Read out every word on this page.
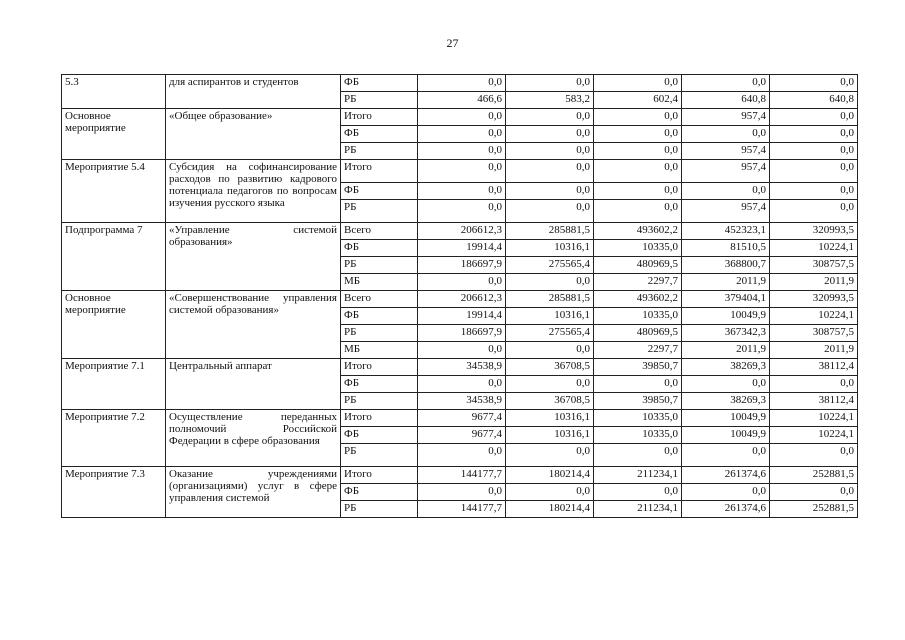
27
5.3	для аспирантов и студентов	ФБ	0,0	0,0	0,0	0,0	0,0
		РБ	466,6	583,2	602,4	640,8	640,8
Основное мероприятие	«Общее образование»	Итого	0,0	0,0	0,0	957,4	0,0
		ФБ	0,0	0,0	0,0	0,0	0,0
		РБ	0,0	0,0	0,0	957,4	0,0
Мероприятие 5.4	Субсидия на софинансирование расходов по развитию кадрового потенциала педагогов по вопросам изучения русского языка	Итого	0,0	0,0	0,0	957,4	0,0
		ФБ	0,0	0,0	0,0	0,0	0,0
		РБ	0,0	0,0	0,0	957,4	0,0
Подпрограмма 7	«Управление системой образования»	Всего	206612,3	285881,5	493602,2	452323,1	320993,5
		ФБ	19914,4	10316,1	10335,0	81510,5	10224,1
		РБ	186697,9	275565,4	480969,5	368800,7	308757,5
		МБ	0,0	0,0	2297,7	2011,9	2011,9
Основное мероприятие	«Совершенствование управления системой образования»	Всего	206612,3	285881,5	493602,2	379404,1	320993,5
		ФБ	19914,4	10316,1	10335,0	10049,9	10224,1
		РБ	186697,9	275565,4	480969,5	367342,3	308757,5
		МБ	0,0	0,0	2297,7	2011,9	2011,9
Мероприятие 7.1	Центральный аппарат	Итого	34538,9	36708,5	39850,7	38269,3	38112,4
		ФБ	0,0	0,0	0,0	0,0	0,0
		РБ	34538,9	36708,5	39850,7	38269,3	38112,4
Мероприятие 7.2	Осуществление переданных полномочий Российской Федерации в сфере образования	Итого	9677,4	10316,1	10335,0	10049,9	10224,1
		ФБ	9677,4	10316,1	10335,0	10049,9	10224,1
		РБ	0,0	0,0	0,0	0,0	0,0
Мероприятие 7.3	Оказание учреждениями (организациями) услуг в сфере управления системой	Итого	144177,7	180214,4	211234,1	261374,6	252881,5
		ФБ	0,0	0,0	0,0	0,0	0,0
		РБ	144177,7	180214,4	211234,1	261374,6	252881,5
